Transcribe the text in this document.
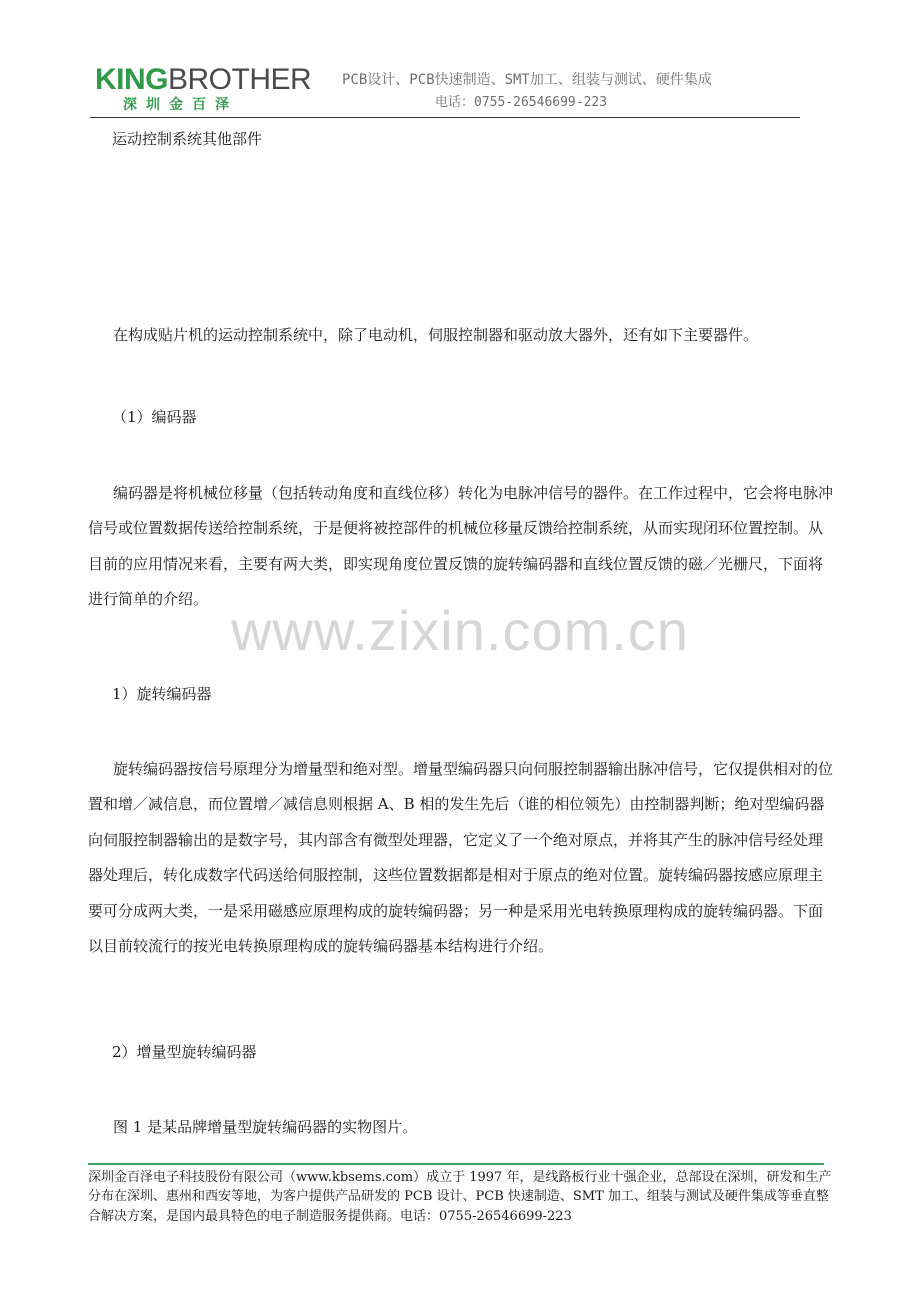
KINGBROTHER
深圳金百泽
PCB设计、PCB快速制造、SMT加工、组装与测试、硬件集成
电话：0755-26546699-223
运动控制系统其他部件

在构成贴片机的运动控制系统中，除了电动机，伺服控制器和驱动放大器外，还有如下主要器件。

（1）编码器

编码器是将机械位移量（包括转动角度和直线位移）转化为电脉冲信号的器件。在工作过程中，它会将电脉冲信号或位置数据传送给控制系统，于是便将被控部件的机械位移量反馈给控制系统，从而实现闭环位置控制。从目前的应用情况来看，主要有两大类，即实现角度位置反馈的旋转编码器和直线位置反馈的磁／光栅尺，下面将进行简单的介绍。 www.zixin.com.cn
1）旋转编码器

旋转编码器按信号原理分为增量型和绝对型。增量型编码器只向伺服控制器输出脉冲信号，它仅提供相对的位置和增／减信息，而位置增／减信息则根据 A、B 相的发生先后（谁的相位领先）由控制器判断；绝对型编码器向伺服控制器输出的是数字号，其内部含有微型处理器，它定义了一个绝对原点，并将其产生的脉冲信号经处理器处理后，转化成数字代码送给伺服控制，这些位置数据都是相对于原点的绝对位置。旋转编码器按感应原理主要可分成两大类，一是采用磁感应原理构成的旋转编码器；另一种是采用光电转换原理构成的旋转编码器。下面以目前较流行的按光电转换原理构成的旋转编码器基本结构进行介绍。

2）增量型旋转编码器

图 1 是某品牌增量型旋转编码器的实物图片。

深圳金百泽电子科技股份有限公司（www.kbsems.com）成立于 1997 年，是线路板行业十强企业，总部设在深圳，研发和生产分布在深圳、惠州和西安等地，为客户提供产品研发的 PCB 设计、PCB 快速制造、SMT 加工、组装与测试及硬件集成等垂直整合解决方案，是国内最具特色的电子制造服务提供商。电话：0755-26546699-223
